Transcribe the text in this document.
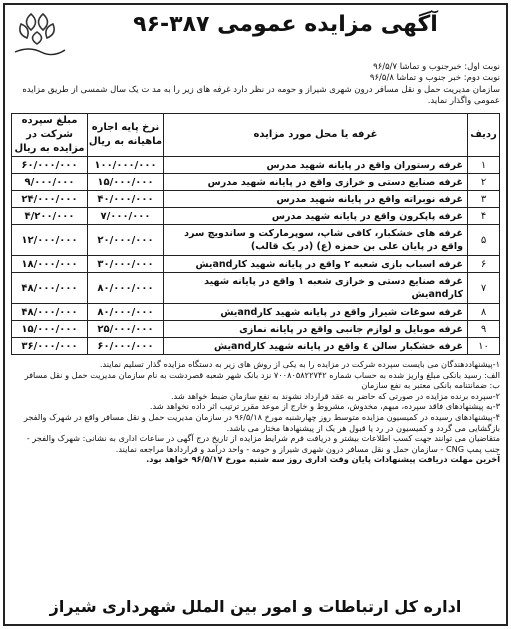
آگهی مزایده عمومی ۳۸۷-۹۶
نوبت اول: خبرجنوب و تماشا ۹۶/۵/۷
نوبت دوم: خبر جنوب و تماشا ۹۶/۵/۸
سازمان مدیریت حمل و نقل مسافر درون شهری شیراز و حومه در نظر دارد غرفه های زیر را به مد ت یک سال شمسی از طریق مزایده عمومی واگذار نماید.
ردیف	غرفه یا محل مورد مزایده	نرخ پایه اجاره ماهیانه به ریال	مبلغ سپرده شرکت در مزایده به ریال
۱	غرفه رستوران واقع در پایانه شهید مدرس	۱۰۰/۰۰۰/۰۰۰	۶۰/۰۰۰/۰۰۰
۲	غرفه صنایع دستی و خرازی واقع در پایانه شهید مدرس	۱۵/۰۰۰/۰۰۰	۹/۰۰۰/۰۰۰
۳	غرفه نوبراته واقع در پایانه شهید مدرس	۴۰/۰۰۰/۰۰۰	۲۴/۰۰۰/۰۰۰
۴	غرفه پاپکرون واقع در پایانه شهید مدرس	۷/۰۰۰/۰۰۰	۴/۲۰۰/۰۰۰
۵	غرفه های خشکبار، کافی شاپ، سوپرمارکت و ساندویچ سرد واقع در پایان علی بن حمزه (ع) (در یک قالب)	۲۰/۰۰۰/۰۰۰	۱۲/۰۰۰/۰۰۰
۶	غرفه اسباب بازی شعبه ۲ واقع در پایانه شهید کارandیش	۳۰/۰۰۰/۰۰۰	۱۸/۰۰۰/۰۰۰
۷	غرفه صنایع دستی و خرازی شعبه ۱ واقع در پایانه شهید کارandیش	۸۰/۰۰۰/۰۰۰	۴۸/۰۰۰/۰۰۰
۸	غرفه سوغات شیراز واقع در پایانه شهید کارandیش	۸۰/۰۰۰/۰۰۰	۴۸/۰۰۰/۰۰۰
۹	غرفه موبایل و لوازم جانبی واقع در پایانه نمازی	۲۵/۰۰۰/۰۰۰	۱۵/۰۰۰/۰۰۰
۱۰	غرفه خشکبار سالن ٤ واقع در پایانه شهید کارandیش	۶۰/۰۰۰/۰۰۰	۳۶/۰۰۰/۰۰۰
۱-پیشنهاددهندگان می بایست سپرده شرکت در مزایده را به یکی از روش های زیر به دستگاه مزایده گذار تسلیم نمایند.
الف: رسید بانکی مبلغ واریز شده به حساب شماره ۷۰۰۸۰۵۸۲۲۷۴۲ نزد بانک شهر شعبه قصردشت به نام سازمان مدیریت حمل و نقل مسافر
ب: ضمانتنامه بانکی معتبر به نفع سازمان
۲-سپرده برنده مزایده در صورتی که حاضر به عقد قرارداد نشوند به نفع سازمان ضبط خواهد شد.
۳-به پیشنهادهای فاقد سپرده، مبهم، مخدوش، مشروط و خارج از موعد مقرر ترتیب اثر داده نخواهد شد.
۴-پیشنهادهای رسیده در کمیسیون مزایده متوسط روز چهارشنبه مورخ ۹۶/۵/۱۸ در سازمان مدیریت حمل و نقل مسافر واقع در شهرک والفجر بازگشایی می گردد و کمیسیون در رد یا قبول هر یک از پیشنهادها مختار می باشد.
متقاضیان می توانند جهت کسب اطلاعات بیشتر و دریافت فرم شرایط مزایده از تاریخ درج آگهی در ساعات اداری به نشانی: شهرک والفجر - جنب پمپ CNG - سازمان حمل و نقل مسافر درون شهری شیراز و حومه - واحد درآمد و قراردادها مراجعه نمایند.
آخرین مهلت دریافت پیشنهادات پایان وقت اداری روز سه شنبه مورخ ۹۶/۵/۱۷ خواهد بود.
اداره کل ارتباطات و امور بین الملل شهرداری شیراز
